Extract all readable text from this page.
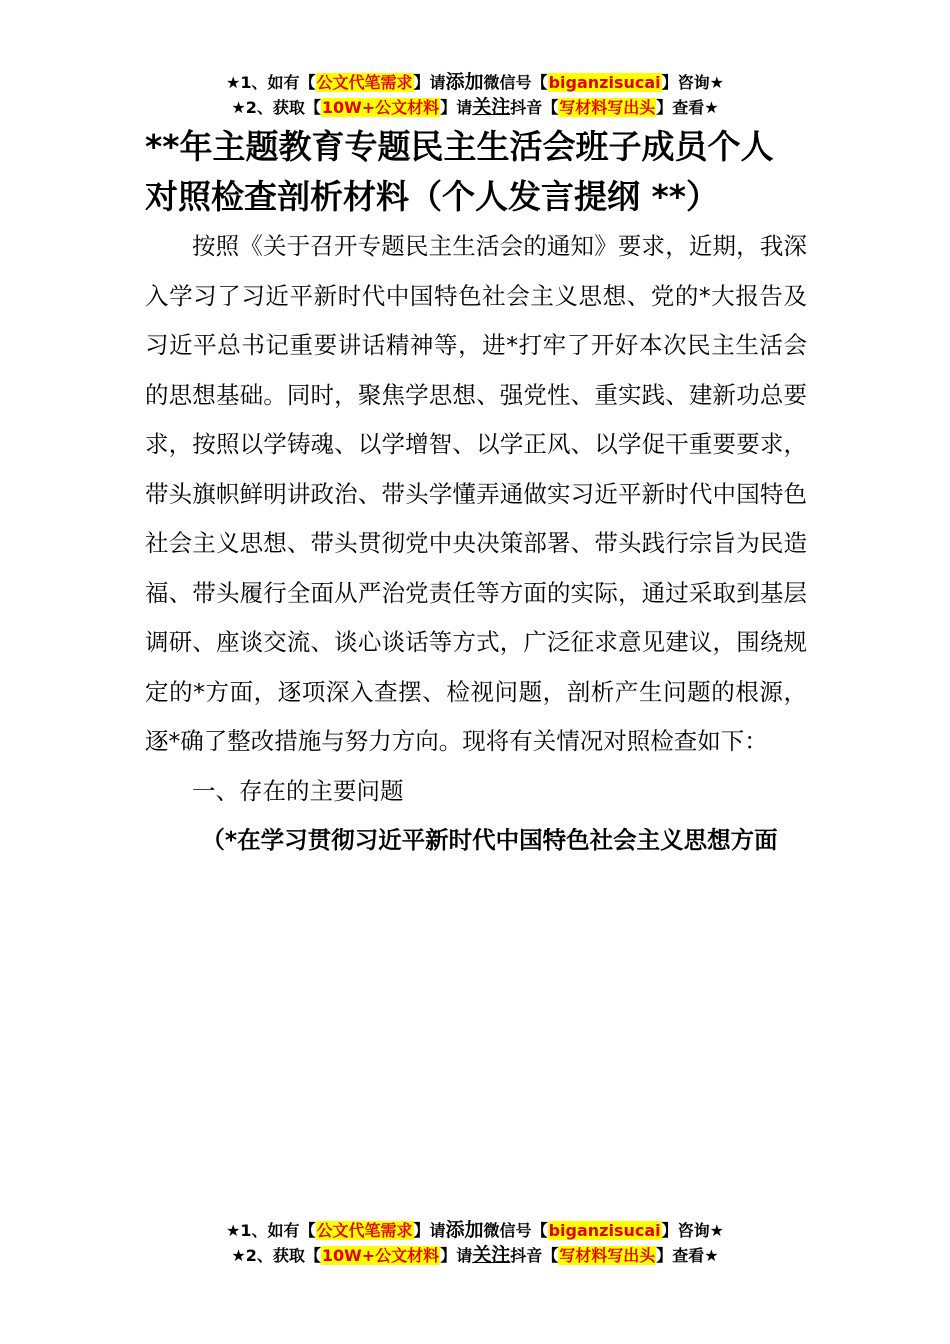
★1、如有【公文代笔需求】请添加微信号【biganzisucai】咨询★
★2、获取【10W+公文材料】请关注抖音【写材料写出头】查看★
**年主题教育专题民主生活会班子成员个人对照检查剖析材料（个人发言提纲 **）

按照《关于召开专题民主生活会的通知》要求，近期，我深入学习了习近平新时代中国特色社会主义思想、党的*大报告及习近平总书记重要讲话精神等，进*打牢了开好本次民主生活会的思想基础。同时，聚焦学思想、强党性、重实践、建新功总要求，按照以学铸魂、以学增智、以学正风、以学促干重要要求，带头旗帜鲜明讲政治、带头学懂弄通做实习近平新时代中国特色社会主义思想、带头贯彻党中央决策部署、带头践行宗旨为民造福、带头履行全面从严治党责任等方面的实际，通过采取到基层调研、座谈交流、谈心谈话等方式，广泛征求意见建议，围绕规定的*方面，逐项深入查摆、检视问题，剖析产生问题的根源，逐*确了整改措施与努力方向。现将有关情况对照检查如下：

一、存在的主要问题

（*在学习贯彻习近平新时代中国特色社会主义思想方面

★1、如有【公文代笔需求】请添加微信号【biganzisucai】咨询★
★2、获取【10W+公文材料】请关注抖音【写材料写出头】查看★
